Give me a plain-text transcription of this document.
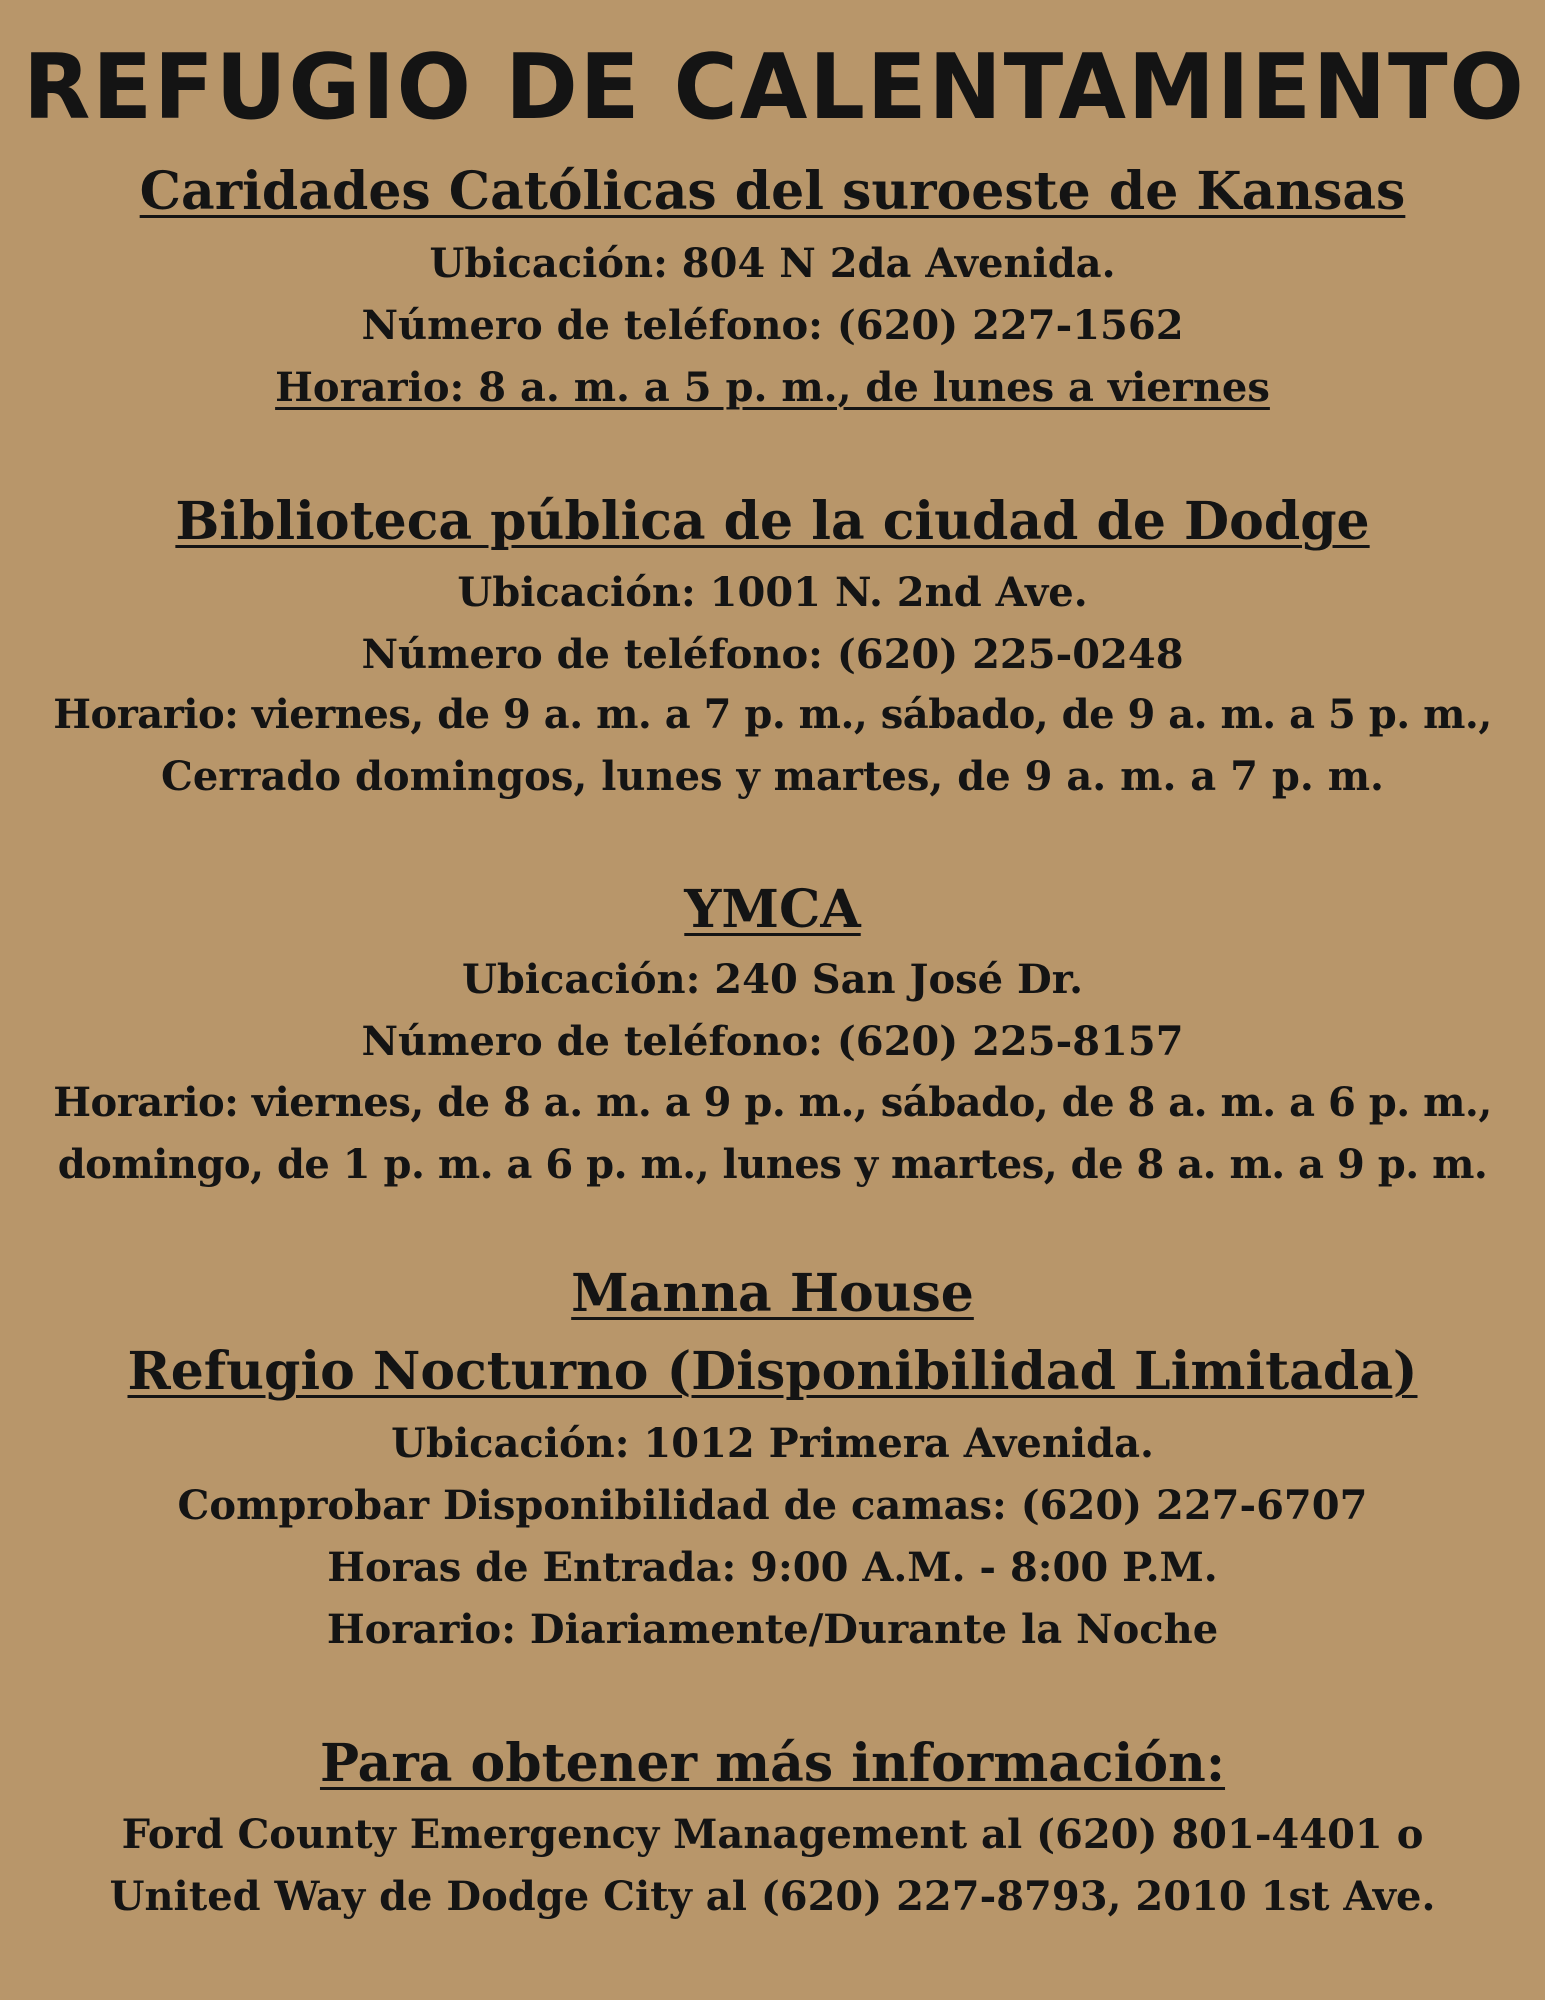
REFUGIO DE CALENTAMIENTO

Caridades Católicas del suroeste de Kansas

Ubicación: 804 N 2da Avenida.

Número de teléfono: (620) 227-1562

Horario: 8 a. m. a 5 p. m., de lunes a viernes

Biblioteca pública de la ciudad de Dodge

Ubicación: 1001 N. 2nd Ave.

Número de teléfono: (620) 225-0248

Horario: viernes, de 9 a. m. a 7 p. m., sábado, de 9 a. m. a 5 p. m.,

Cerrado domingos, lunes y martes, de 9 a. m. a 7 p. m.

YMCA

Ubicación: 240 San José Dr.

Número de teléfono: (620) 225-8157

Horario: viernes, de 8 a. m. a 9 p. m., sábado, de 8 a. m. a 6 p. m.,

domingo, de 1 p. m. a 6 p. m., lunes y martes, de 8 a. m. a 9 p. m.

Manna House

Refugio Nocturno (Disponibilidad Limitada)

Ubicación: 1012 Primera Avenida.

Comprobar Disponibilidad de camas: (620) 227-6707

Horas de Entrada: 9:00 A.M. - 8:00 P.M.

Horario: Diariamente/Durante la Noche

Para obtener más información:

Ford County Emergency Management al (620) 801-4401 o

United Way de Dodge City al (620) 227-8793, 2010 1st Ave.
